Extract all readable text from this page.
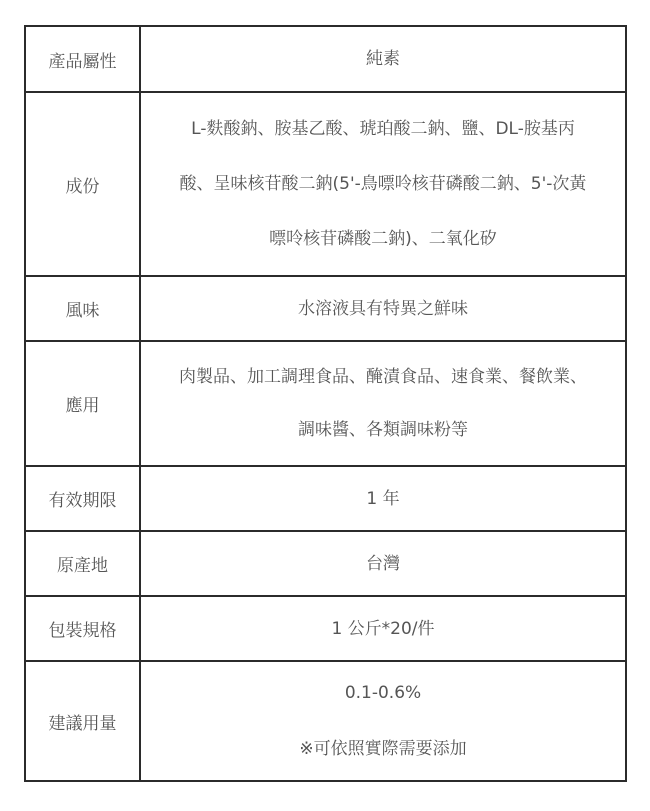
產品屬性	純素

成份	L-麩酸鈉、胺基乙酸、琥珀酸二鈉、鹽、DL-胺基丙
酸、呈味核苷酸二鈉(5'-鳥嘌呤核苷磷酸二鈉、5'-次黃
嘌呤核苷磷酸二鈉)、二氧化矽

風味	水溶液具有特異之鮮味

應用	肉製品、加工調理食品、醃漬食品、速食業、餐飲業、
調味醬、各類調味粉等

有效期限	1 年

原產地	台灣

包裝規格	1 公斤*20/件

建議用量	0.1-0.6%
※可依照實際需要添加
